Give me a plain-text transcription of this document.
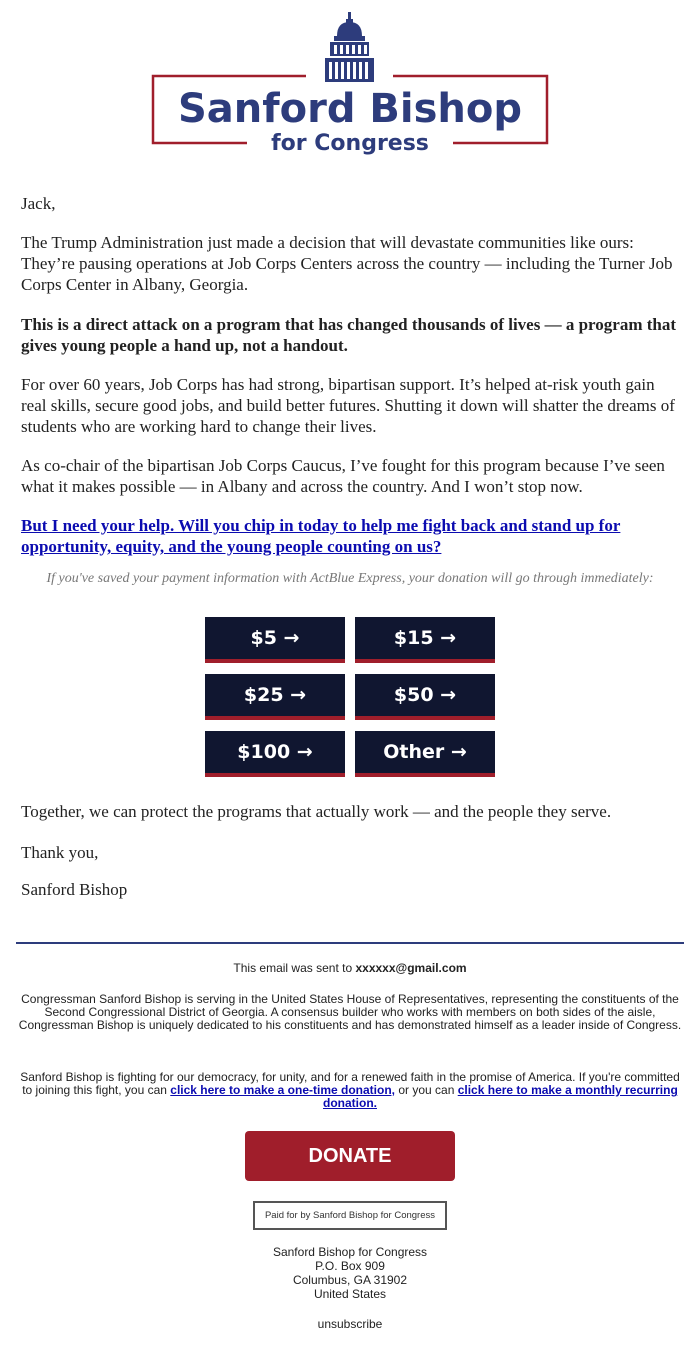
Sanford Bishop
for Congress
Jack,
The Trump Administration just made a decision that will devastate communities like ours: They’re pausing operations at Job Corps Centers across the country — including the Turner Job Corps Center in Albany, Georgia.
This is a direct attack on a program that has changed thousands of lives — a program that gives young people a hand up, not a handout.
For over 60 years, Job Corps has had strong, bipartisan support. It’s helped at-risk youth gain real skills, secure good jobs, and build better futures. Shutting it down will shatter the dreams of students who are working hard to change their lives.
As co-chair of the bipartisan Job Corps Caucus, I’ve fought for this program because I’ve seen what it makes possible — in Albany and across the country. And I won’t stop now.
But I need your help. Will you chip in today to help me fight back and stand up for opportunity, equity, and the young people counting on us?
If you've saved your payment information with ActBlue Express, your donation will go through immediately:
$5 →	$15 →
$25 →	$50 →
$100 →	Other →
Together, we can protect the programs that actually work — and the people they serve.
Thank you,
Sanford Bishop
This email was sent to xxxxxx@gmail.com
Congressman Sanford Bishop is serving in the United States House of Representatives, representing the constituents of the Second Congressional District of Georgia. A consensus builder who works with members on both sides of the aisle, Congressman Bishop is uniquely dedicated to his constituents and has demonstrated himself as a leader inside of Congress.
Sanford Bishop is fighting for our democracy, for unity, and for a renewed faith in the promise of America. If you're committed to joining this fight, you can click here to make a one-time donation, or you can click here to make a monthly recurring donation.
DONATE
Paid for by Sanford Bishop for Congress
Sanford Bishop for Congress
P.O. Box 909
Columbus, GA 31902
United States
unsubscribe
